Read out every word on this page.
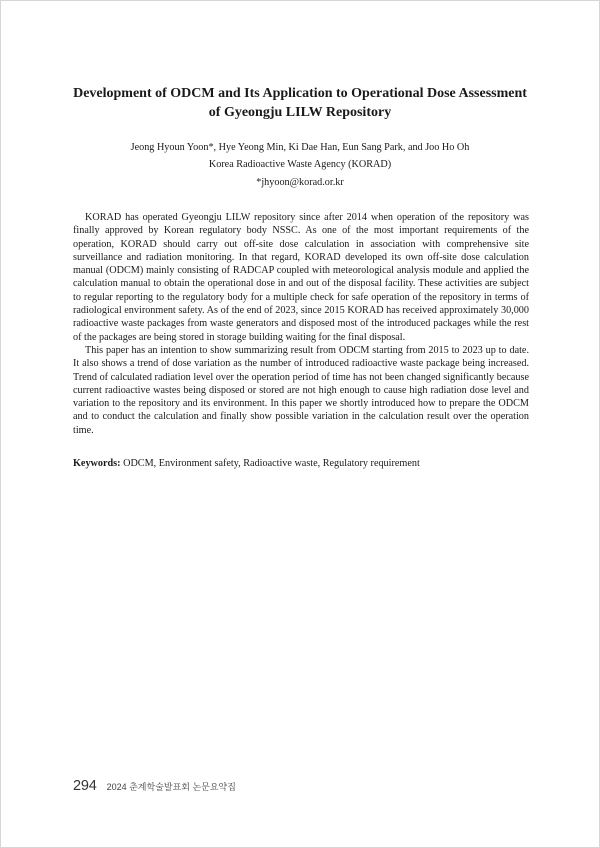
Development of ODCM and Its Application to Operational Dose Assessment
of Gyeongju LILW Repository
Jeong Hyoun Yoon*, Hye Yeong Min, Ki Dae Han, Eun Sang Park, and Joo Ho Oh
Korea Radioactive Waste Agency (KORAD)
*jhyoon@korad.or.kr

KORAD has operated Gyeongju LILW repository since after 2014 when operation of the repository was finally approved by Korean regulatory body NSSC. As one of the most important requirements of the operation, KORAD should carry out off-site dose calculation in association with comprehensive site surveillance and radiation monitoring. In that regard, KORAD developed its own off-site dose calculation manual (ODCM) mainly consisting of RADCAP coupled with meteorological analysis module and applied the calculation manual to obtain the operational dose in and out of the disposal facility. These activities are subject to regular reporting to the regulatory body for a multiple check for safe operation of the repository in terms of radiological environment safety. As of the end of 2023, since 2015 KORAD has received approximately 30,000 radioactive waste packages from waste generators and disposed most of the introduced packages while the rest of the packages are being stored in storage building waiting for the final disposal.

This paper has an intention to show summarizing result from ODCM starting from 2015 to 2023 up to date. It also shows a trend of dose variation as the number of introduced radioactive waste package being increased. Trend of calculated radiation level over the operation period of time has not been changed significantly because current radioactive wastes being disposed or stored are not high enough to cause high radiation dose level and variation to the repository and its environment. In this paper we shortly introduced how to prepare the ODCM and to conduct the calculation and finally show possible variation in the calculation result over the operation time.

Keywords: ODCM, Environment safety, Radioactive waste, Regulatory requirement

294 2024 춘계학술발표회 논문요약집
